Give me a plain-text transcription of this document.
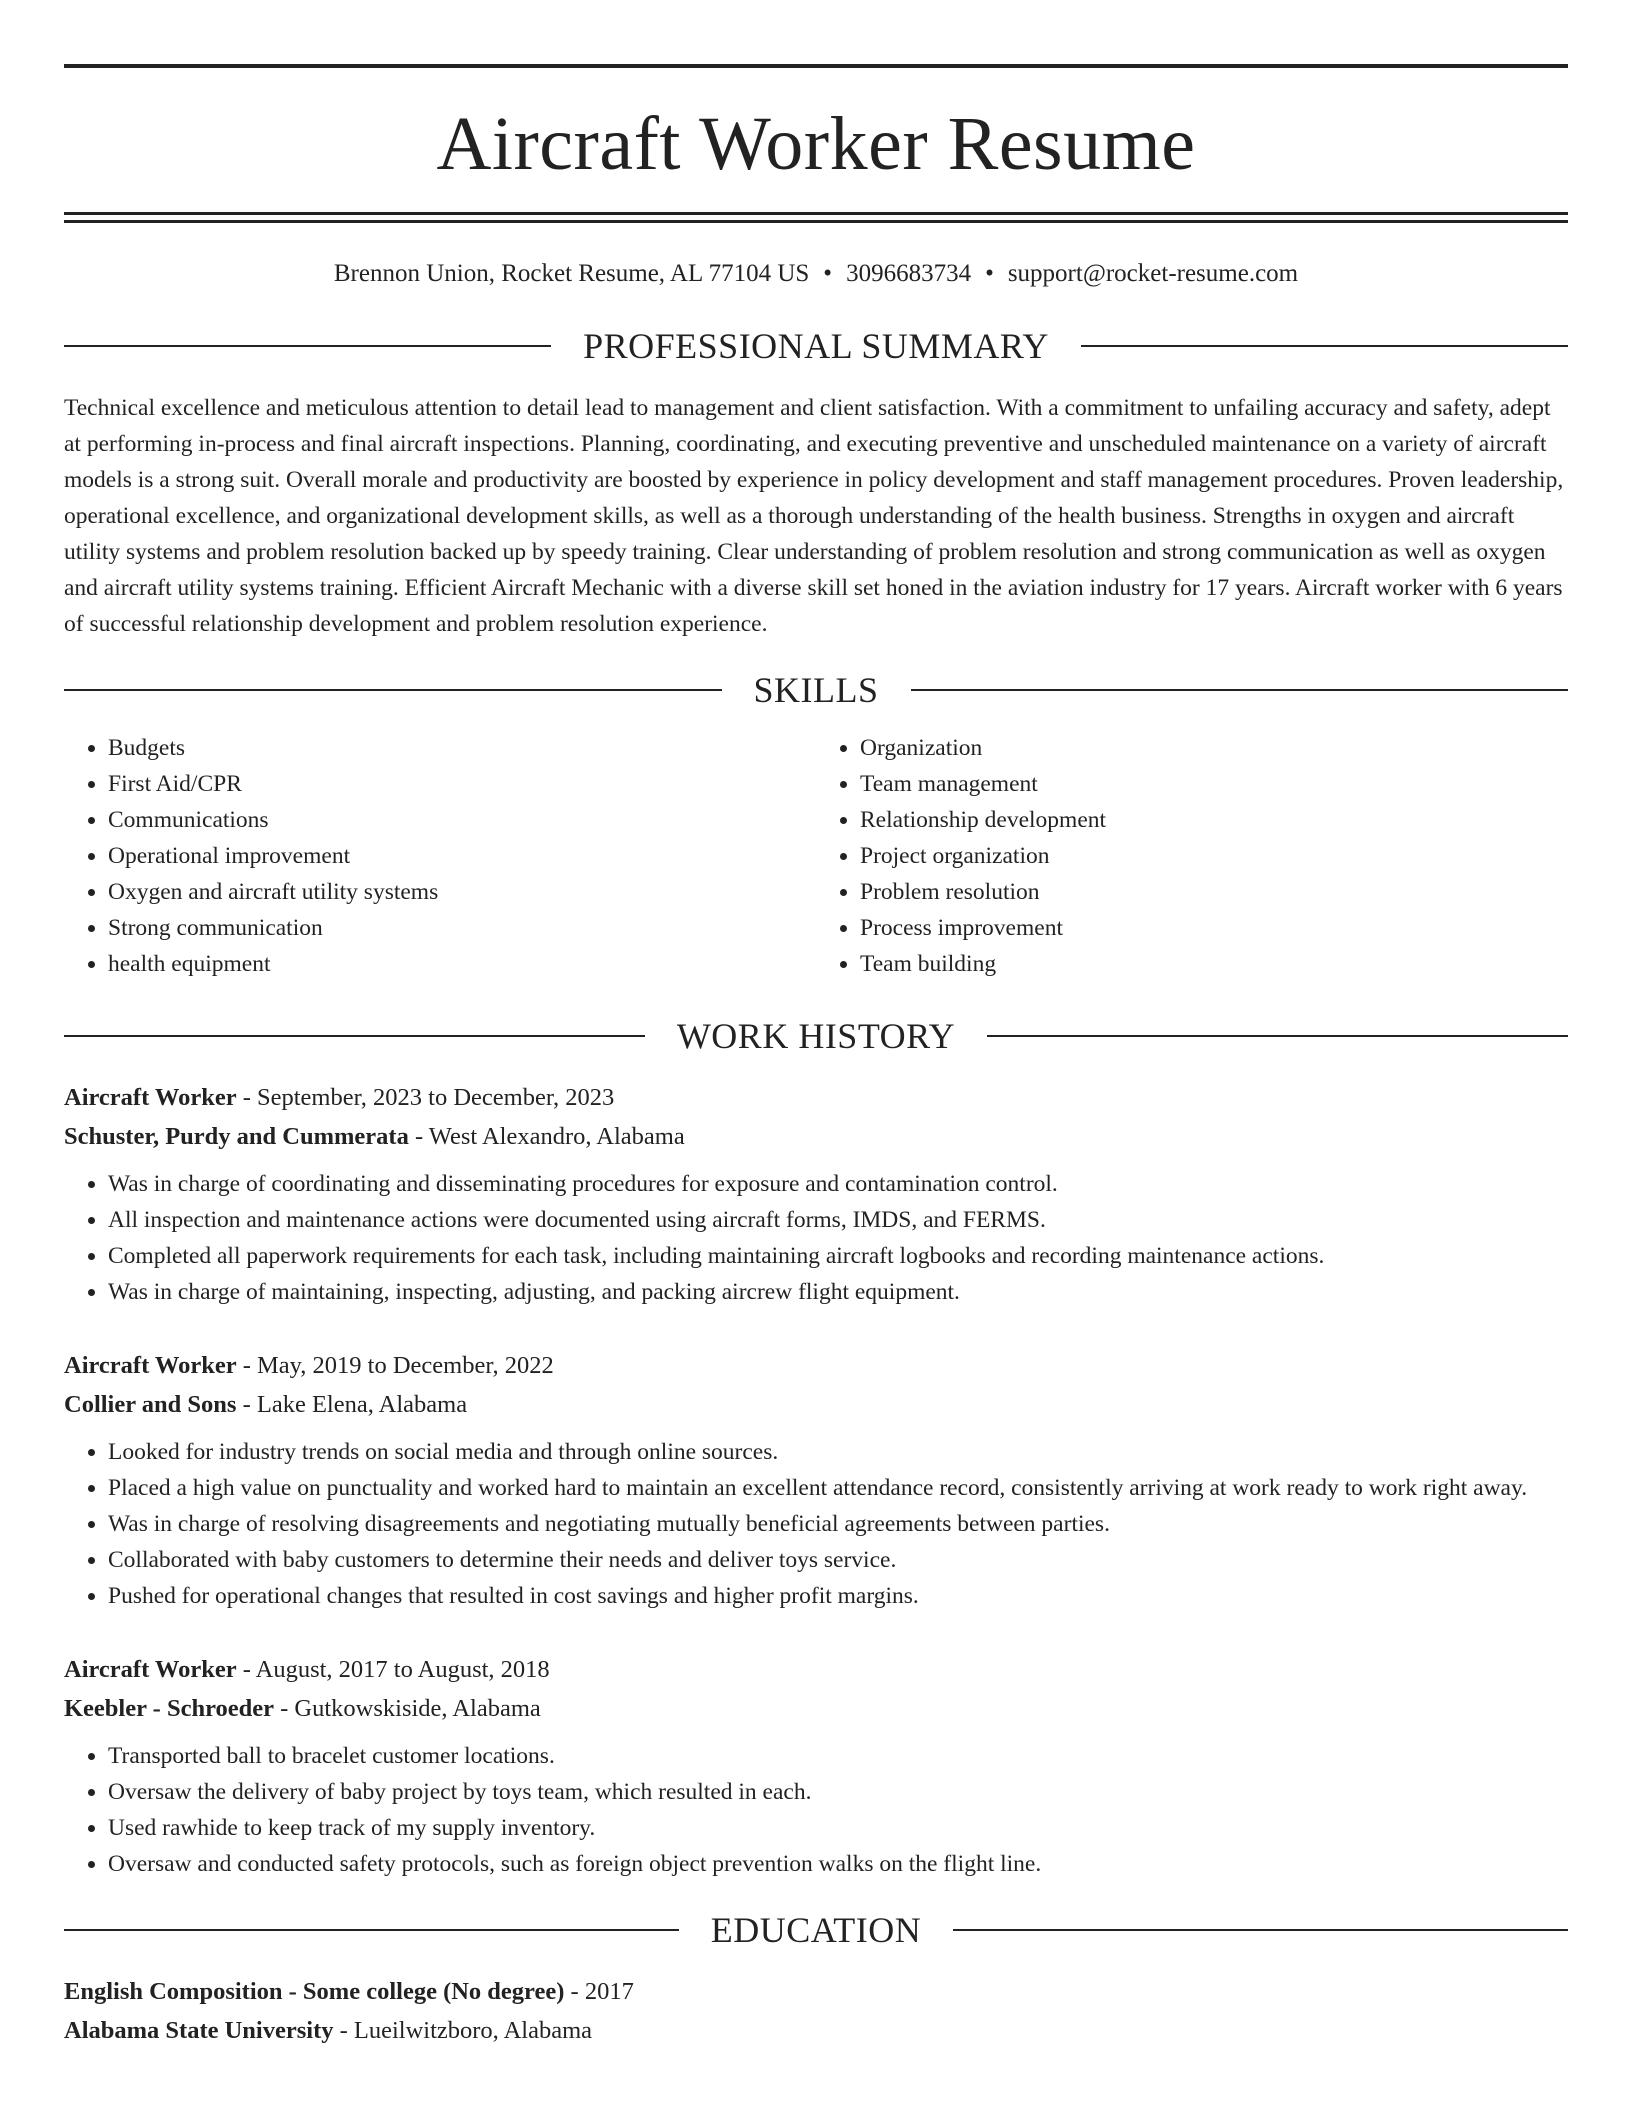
Aircraft Worker Resume
Brennon Union, Rocket Resume, AL 77104 US • 3096683734 • support@rocket-resume.com
PROFESSIONAL SUMMARY
Technical excellence and meticulous attention to detail lead to management and client satisfaction. With a commitment to unfailing accuracy and safety, adept at performing in-process and final aircraft inspections. Planning, coordinating, and executing preventive and unscheduled maintenance on a variety of aircraft models is a strong suit. Overall morale and productivity are boosted by experience in policy development and staff management procedures. Proven leadership, operational excellence, and organizational development skills, as well as a thorough understanding of the health business. Strengths in oxygen and aircraft utility systems and problem resolution backed up by speedy training. Clear understanding of problem resolution and strong communication as well as oxygen and aircraft utility systems training. Efficient Aircraft Mechanic with a diverse skill set honed in the aviation industry for 17 years. Aircraft worker with 6 years of successful relationship development and problem resolution experience.
SKILLS
• Budgets
• First Aid/CPR
• Communications
• Operational improvement
• Oxygen and aircraft utility systems
• Strong communication
• health equipment
• Organization
• Team management
• Relationship development
• Project organization
• Problem resolution
• Process improvement
• Team building
WORK HISTORY
Aircraft Worker - September, 2023 to December, 2023
Schuster, Purdy and Cummerata - West Alexandro, Alabama
• Was in charge of coordinating and disseminating procedures for exposure and contamination control.
• All inspection and maintenance actions were documented using aircraft forms, IMDS, and FERMS.
• Completed all paperwork requirements for each task, including maintaining aircraft logbooks and recording maintenance actions.
• Was in charge of maintaining, inspecting, adjusting, and packing aircrew flight equipment.
Aircraft Worker - May, 2019 to December, 2022
Collier and Sons - Lake Elena, Alabama
• Looked for industry trends on social media and through online sources.
• Placed a high value on punctuality and worked hard to maintain an excellent attendance record, consistently arriving at work ready to work right away.
• Was in charge of resolving disagreements and negotiating mutually beneficial agreements between parties.
• Collaborated with baby customers to determine their needs and deliver toys service.
• Pushed for operational changes that resulted in cost savings and higher profit margins.
Aircraft Worker - August, 2017 to August, 2018
Keebler - Schroeder - Gutkowskiside, Alabama
• Transported ball to bracelet customer locations.
• Oversaw the delivery of baby project by toys team, which resulted in each.
• Used rawhide to keep track of my supply inventory.
• Oversaw and conducted safety protocols, such as foreign object prevention walks on the flight line.
EDUCATION
English Composition - Some college (No degree) - 2017
Alabama State University - Lueilwitzboro, Alabama
